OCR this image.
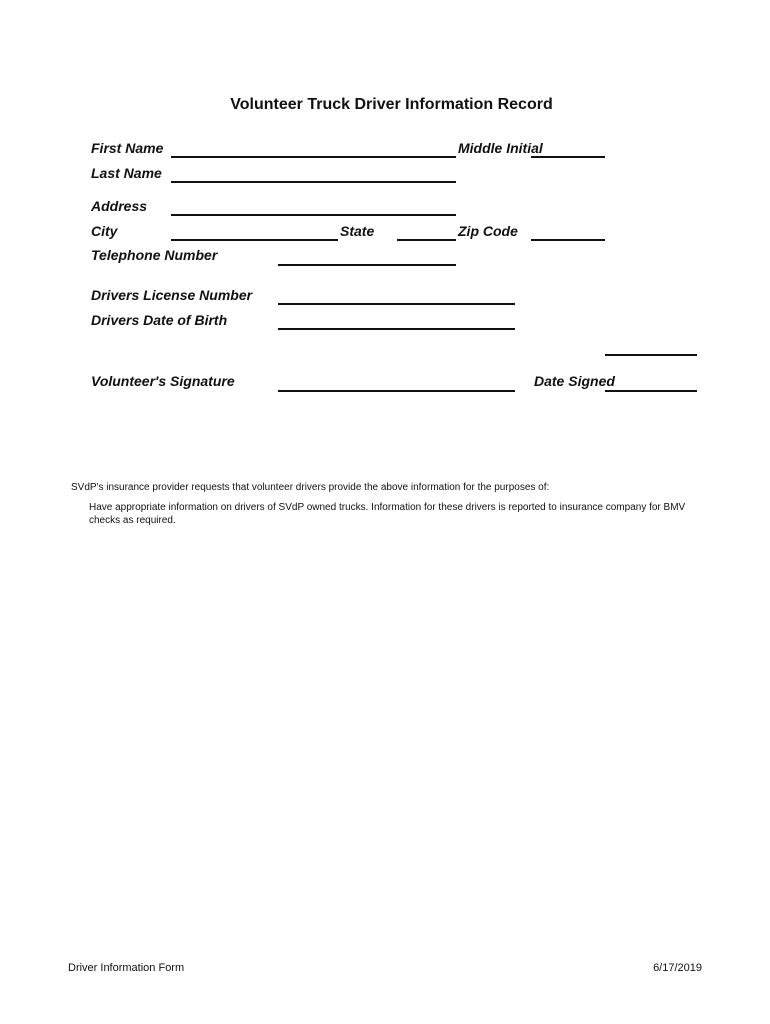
Volunteer Truck Driver Information Record
First Name	Middle Initial
Last Name
Address
City	State	Zip Code
Telephone Number
Drivers License Number
Drivers Date of Birth
Volunteer's Signature	Date Signed
SVdP's insurance provider requests that volunteer drivers provide the above information for the purposes of:
Have appropriate information on drivers of SVdP owned trucks. Information for these drivers is reported to insurance company for BMV checks as required.
Driver Information Form	6/17/2019
